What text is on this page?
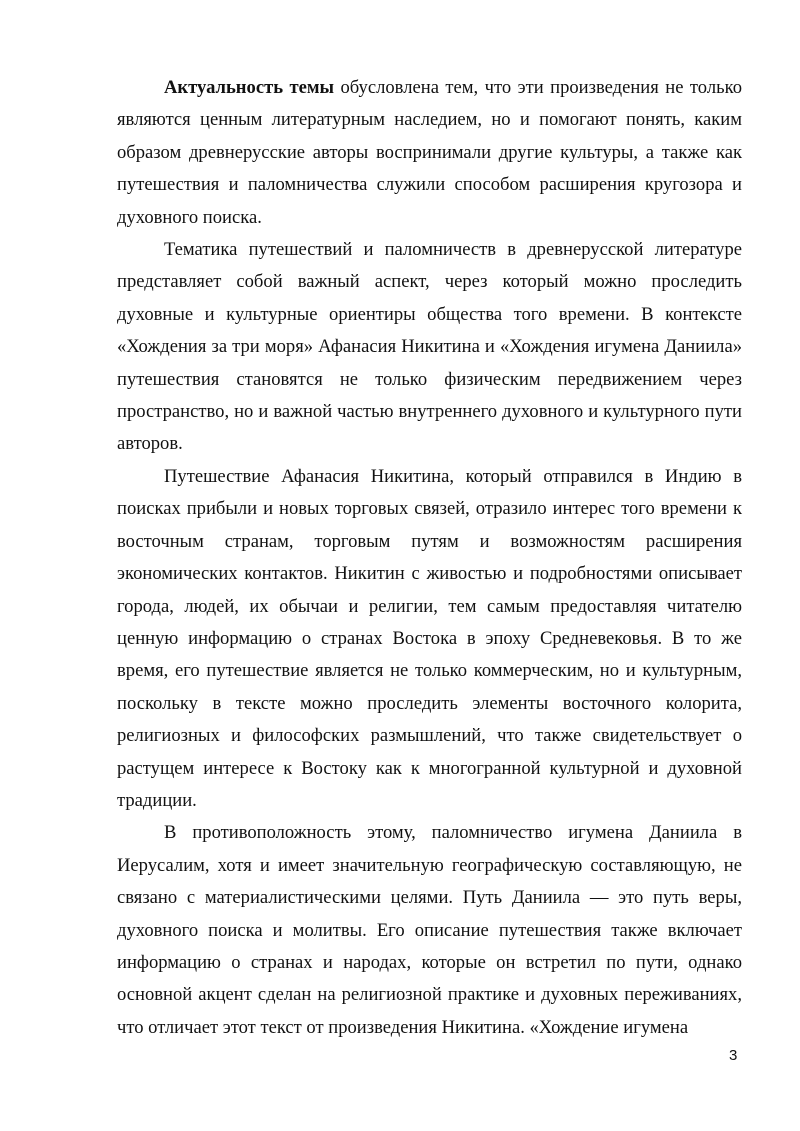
Актуальность темы обусловлена тем, что эти произведения не только являются ценным литературным наследием, но и помогают понять, каким образом древнерусские авторы воспринимали другие культуры, а также как путешествия и паломничества служили способом расширения кругозора и духовного поиска.

Тематика путешествий и паломничеств в древнерусской литературе представляет собой важный аспект, через который можно проследить духовные и культурные ориентиры общества того времени. В контексте «Хождения за три моря» Афанасия Никитина и «Хождения игумена Даниила» путешествия становятся не только физическим передвижением через пространство, но и важной частью внутреннего духовного и культурного пути авторов.

Путешествие Афанасия Никитина, который отправился в Индию в поисках прибыли и новых торговых связей, отразило интерес того времени к восточным странам, торговым путям и возможностям расширения экономических контактов. Никитин с живостью и подробностями описывает города, людей, их обычаи и религии, тем самым предоставляя читателю ценную информацию о странах Востока в эпоху Средневековья. В то же время, его путешествие является не только коммерческим, но и культурным, поскольку в тексте можно проследить элементы восточного колорита, религиозных и философских размышлений, что также свидетельствует о растущем интересе к Востоку как к многогранной культурной и духовной традиции.

В противоположность этому, паломничество игумена Даниила в Иерусалим, хотя и имеет значительную географическую составляющую, не связано с материалистическими целями. Путь Даниила — это путь веры, духовного поиска и молитвы. Его описание путешествия также включает информацию о странах и народах, которые он встретил по пути, однако основной акцент сделан на религиозной практике и духовных переживаниях, что отличает этот текст от произведения Никитина. «Хождение игумена

3
